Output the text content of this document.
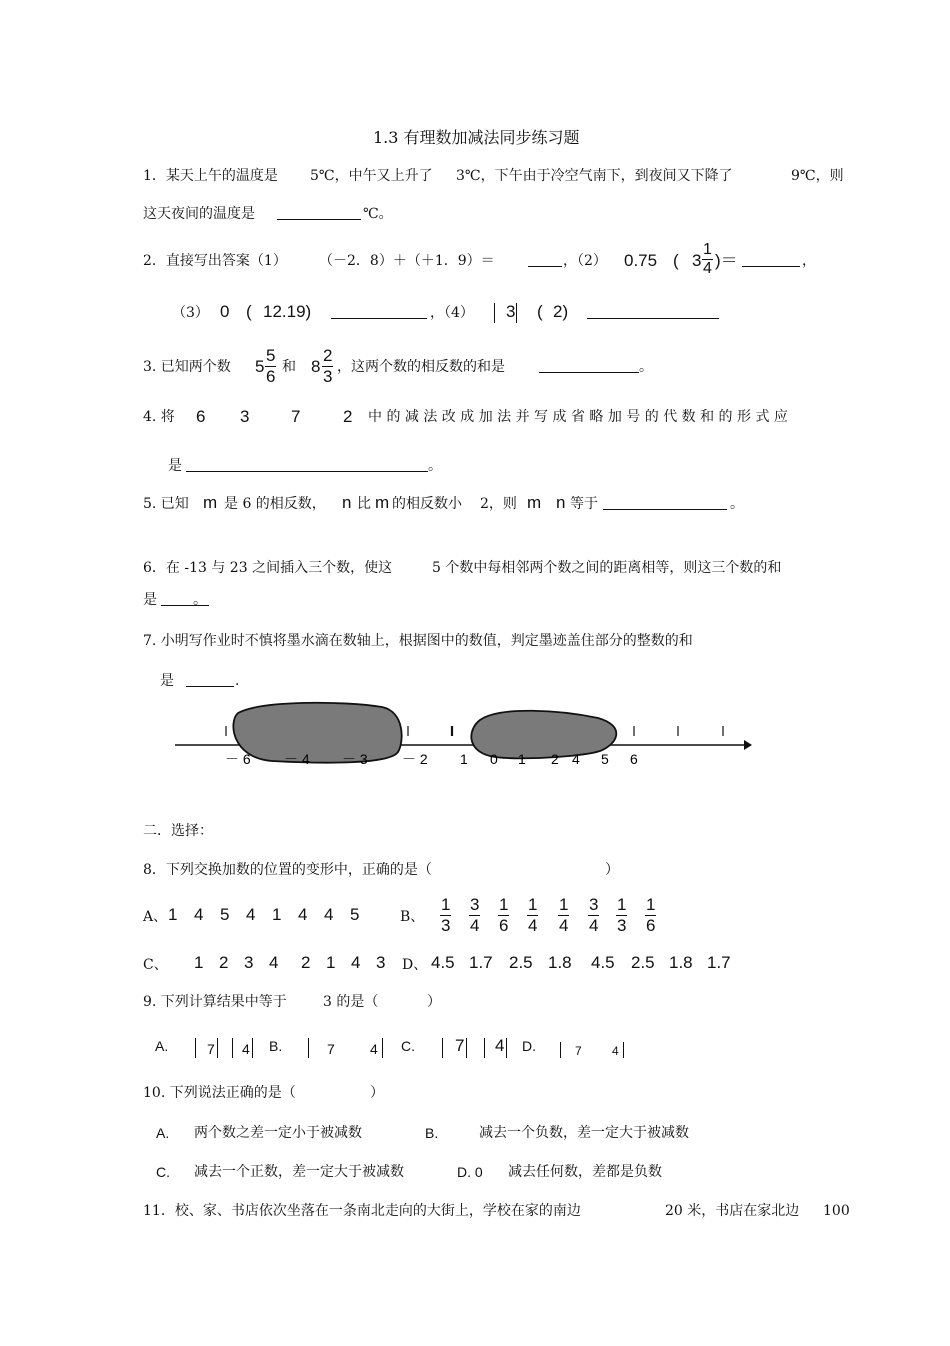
1.3 有理数加减法同步练习题
1．某天上午的温度是 5℃，中午又上升了 3℃，下午由于冷空气南下，到夜间又下降了	9℃，则
这天夜间的温度是	℃。
2．直接写出答案（1） （－2．8）＋（＋1．9）＝	，（2） 0.75 ( $3 \frac{1}{4}$ )＝	，
（3） 0 ( 12.19)	，（4） 3 ( 2)
3. 已知两个数 $5 \frac{5}{6}$ 和 $8 \frac{2}{3}$ ，这两个数的相反数的和是	。
4. 将 6 3 7	2 中 的 减 法 改 成 加 法 并 写 成 省 略 加 号 的 代 数 和 的 形 式 应
是	。
5. 已知 m 是 6 的相反数， n 比 m 的相反数小 2，则 m n 等于	。
6．在 -13 与 23 之间插入三个数，使这	5 个数中每相邻两个数之间的距离相等，则这三个数的和
是	。
7. 小明写作业时不慎将墨水滴在数轴上，根据图中的数值，判定墨迹盖住部分的整数的和
是	.
－ 6 － 4 － 3 － 2 1 0 1 2 4 5 6
二．选择：
8．下列交换加数的位置的变形中，正确的是（	）
A、 1 4 5 4 1 4 4 5	B、 $\frac{1}{3} \frac{3}{4} \frac{1}{6} \frac{1}{4} \frac{1}{4} \frac{3}{4} \frac{1}{3} \frac{1}{6}$
C、 1 2 3 4 2 1 4 3	D、 4.5 1.7 2.5 1.8 4.5 2.5 1.8 1.7
9. 下列计算结果中等于	3 的是（	）
A.	7 4 B.	7	4 C. 7 4 D.	7	4
10. 下列说法正确的是（	）
A. 两个数之差一定小于被减数	B.	减去一个负数，差一定大于被减数
C. 减去一个正数，差一定大于被减数	D. 0 减去任何数，差都是负数
11．校、家、书店依次坐落在一条南北走向的大街上，学校在家的南边	20 米，书店在家北边 100
